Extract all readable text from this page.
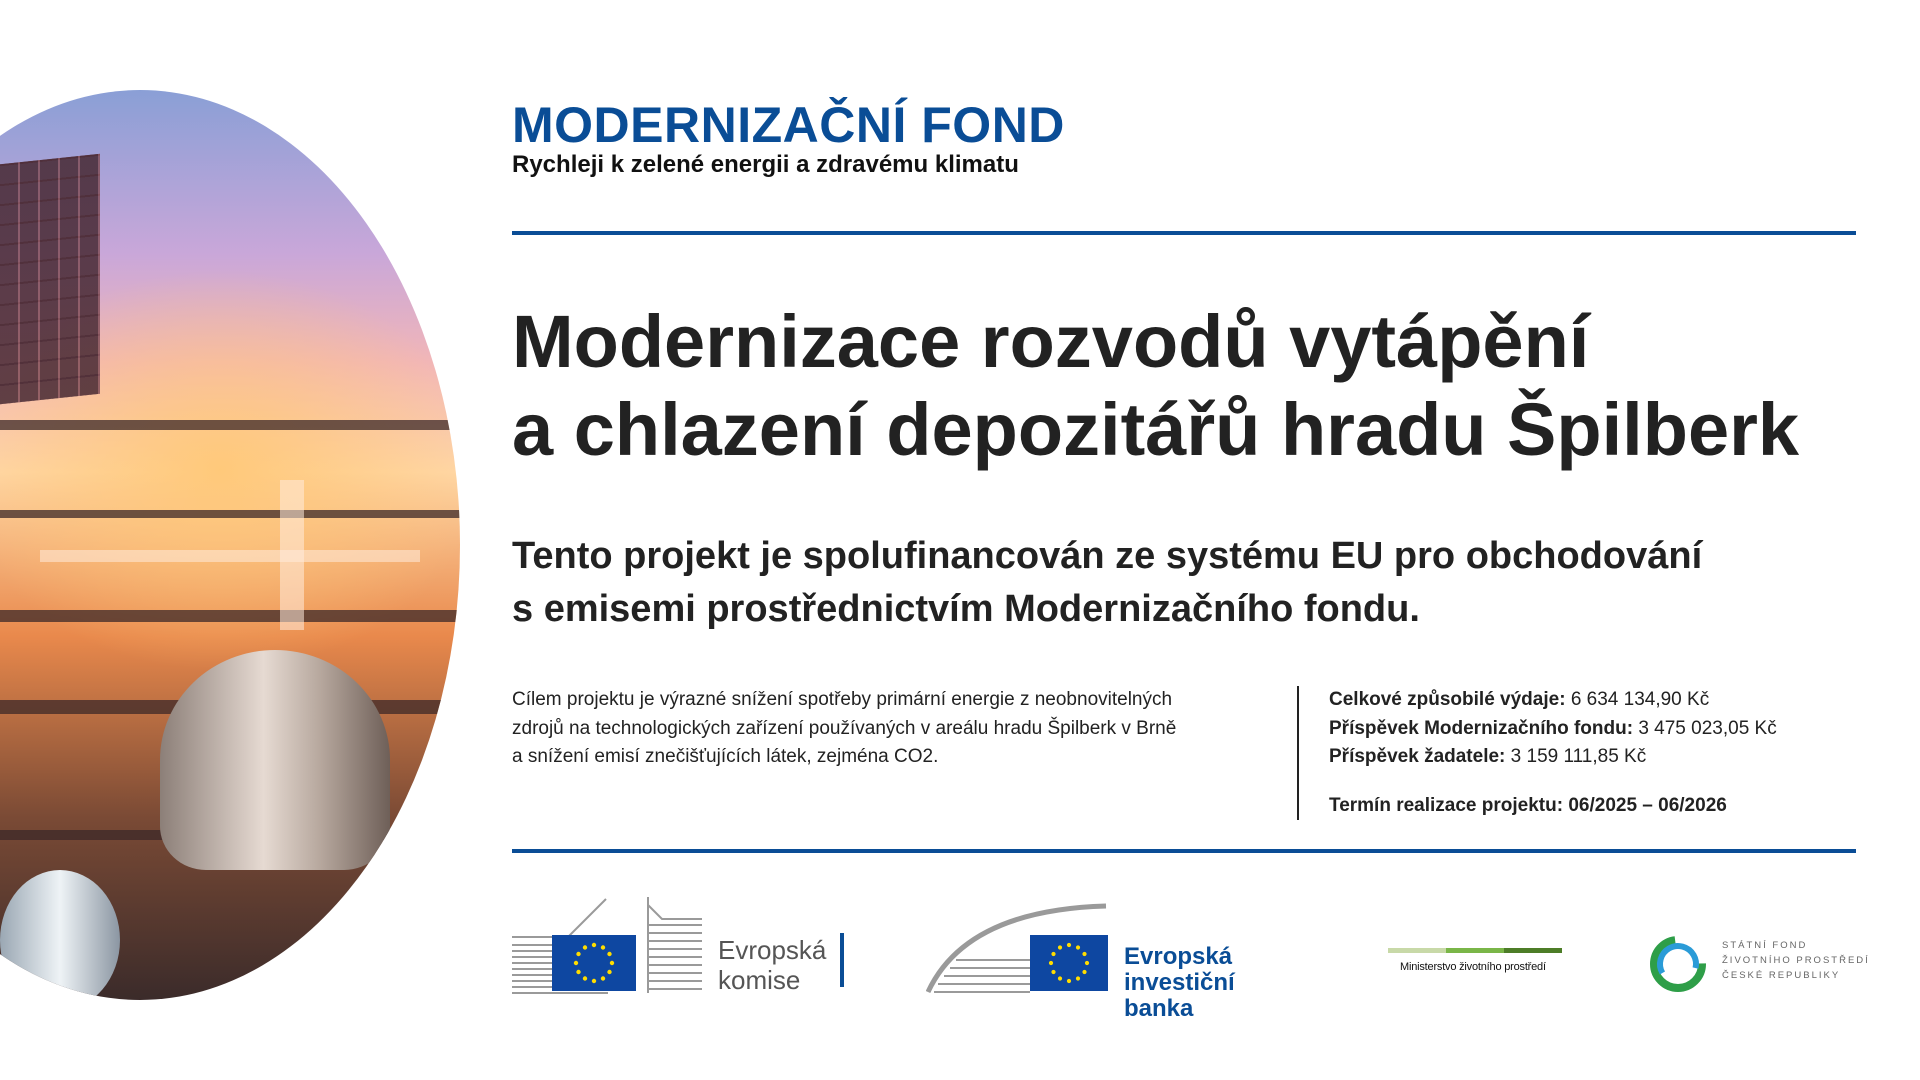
MODERNIZAČNÍ FOND
Rychleji k zelené energii a zdravému klimatu
Modernizace rozvodů vytápění
a chlazení depozitářů hradu Špilberk
Tento projekt je spolufinancován ze systému EU pro obchodování
s emisemi prostřednictvím Modernizačního fondu.
Cílem projektu je výrazné snížení spotřeby primární energie z neobnovitelných
zdrojů na technologických zařízení používaných v areálu hradu Špilberk v Brně
a snížení emisí znečišťujících látek, zejména CO2.
Celkové způsobilé výdaje: 6 634 134,90 Kč
Příspěvek Modernizačního fondu: 3 475 023,05 Kč
Příspěvek žadatele: 3 159 111,85 Kč
Termín realizace projektu: 06/2025 – 06/2026
Evropská
komise
Evropská
investiční banka
Ministerstvo životního prostředí
STÁTNÍ FOND
ŽIVOTNÍHO PROSTŘEDÍ
ČESKÉ REPUBLIKY
